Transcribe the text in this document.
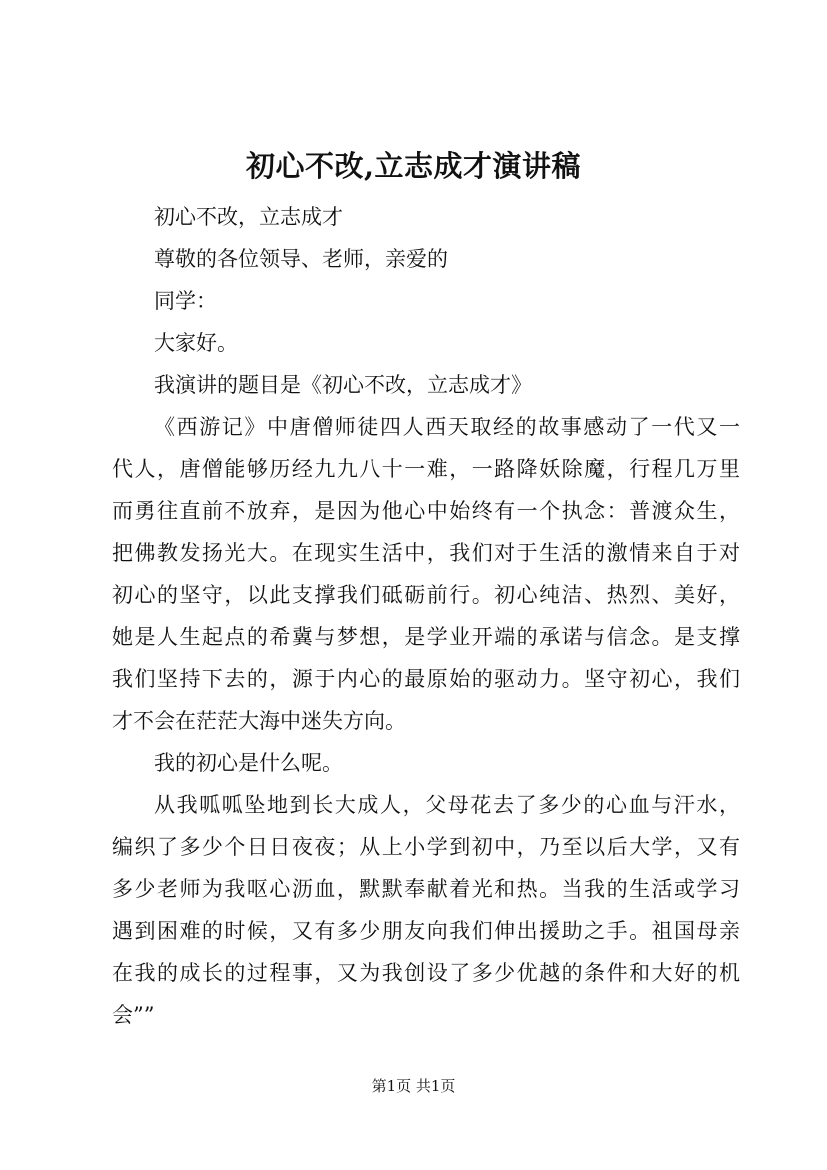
初心不改,立志成才演讲稿

初心不改，立志成才

尊敬的各位领导、老师，亲爱的

同学：

大家好。

我演讲的题目是《初心不改，立志成才》

《西游记》中唐僧师徒四人西天取经的故事感动了一代又一

代人，唐僧能够历经九九八十一难，一路降妖除魔，行程几万里

而勇往直前不放弃，是因为他心中始终有一个执念：普渡众生，

把佛教发扬光大。在现实生活中，我们对于生活的激情来自于对

初心的坚守，以此支撑我们砥砺前行。初心纯洁、热烈、美好，

她是人生起点的希冀与梦想，是学业开端的承诺与信念。是支撑

我们坚持下去的，源于内心的最原始的驱动力。坚守初心，我们

才不会在茫茫大海中迷失方向。

我的初心是什么呢。

从我呱呱坠地到长大成人，父母花去了多少的心血与汗水，

编织了多少个日日夜夜；从上小学到初中，乃至以后大学，又有

多少老师为我呕心沥血，默默奉献着光和热。当我的生活或学习

遇到困难的时候，又有多少朋友向我们伸出援助之手。祖国母亲

在我的成长的过程事，又为我创设了多少优越的条件和大好的机

会””

第1页 共1页
